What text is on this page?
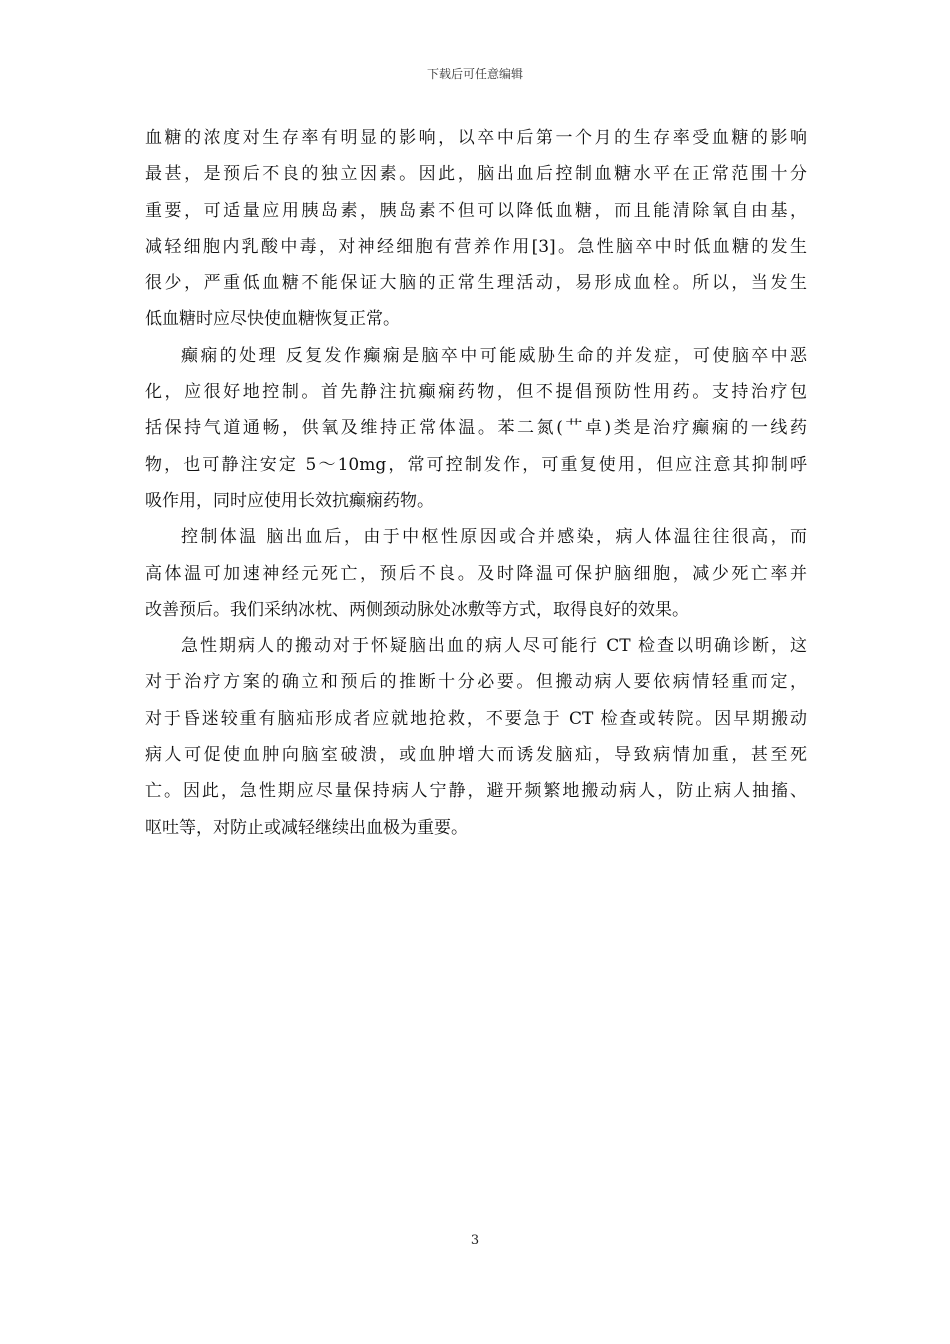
下载后可任意编辑
血糖的浓度对生存率有明显的影响，以卒中后第一个月的生存率受血糖的影响
最甚，是预后不良的独立因素。因此，脑出血后控制血糖水平在正常范围十分
重要，可适量应用胰岛素，胰岛素不但可以降低血糖，而且能清除氧自由基，
减轻细胞内乳酸中毒，对神经细胞有营养作用[3]。急性脑卒中时低血糖的发生
很少，严重低血糖不能保证大脑的正常生理活动，易形成血栓。所以，当发生
低血糖时应尽快使血糖恢复正常。
癫痫的处理 反复发作癫痫是脑卒中可能威胁生命的并发症，可使脑卒中恶
化，应很好地控制。首先静注抗癫痫药物，但不提倡预防性用药。支持治疗包
括保持气道通畅，供氧及维持正常体温。苯二氮(艹卓)类是治疗癫痫的一线药
物，也可静注安定 5～10mg，常可控制发作，可重复使用，但应注意其抑制呼
吸作用，同时应使用长效抗癫痫药物。
控制体温 脑出血后，由于中枢性原因或合并感染，病人体温往往很高，而
高体温可加速神经元死亡，预后不良。及时降温可保护脑细胞，减少死亡率并
改善预后。我们采纳冰枕、两侧颈动脉处冰敷等方式，取得良好的效果。
急性期病人的搬动对于怀疑脑出血的病人尽可能行 CT 检查以明确诊断，这
对于治疗方案的确立和预后的推断十分必要。但搬动病人要依病情轻重而定，
对于昏迷较重有脑疝形成者应就地抢救，不要急于 CT 检查或转院。因早期搬动
病人可促使血肿向脑室破溃，或血肿增大而诱发脑疝，导致病情加重，甚至死
亡。因此，急性期应尽量保持病人宁静，避开频繁地搬动病人，防止病人抽搐、
呕吐等，对防止或减轻继续出血极为重要。
3
